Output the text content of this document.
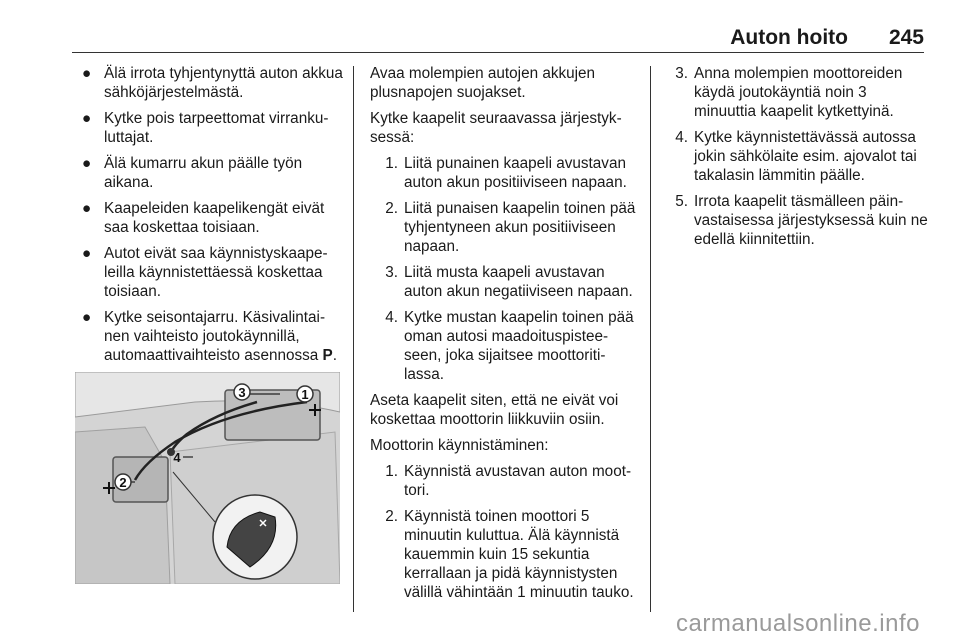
Auton hoito 245
● Älä irrota tyhjentynyttä auton akkua sähköjärjestelmästä.
● Kytke pois tarpeettomat virranku-luttajat.
● Älä kumarru akun päälle työn aikana.
● Kaapeleiden kaapelikengät eivät saa koskettaa toisiaan.
● Autot eivät saa käynnistyskaape-leilla käynnistettäessä koskettaa toisiaan.
● Kytke seisontajarru. Käsivalintai-nen vaihteisto joutokäynnillä, automaattivaihteisto asennossa P.
3	1
2
4

Avaa molempien autojen akkujen plusnapojen suojakset.

Kytke kaapelit seuraavassa järjestyk-sessä:

1. Liitä punainen kaapeli avustavan auton akun positiiviseen napaan.
2. Liitä punaisen kaapelin toinen pää tyhjentyneen akun positiiviseen napaan.
3. Liitä musta kaapeli avustavan auton akun negatiiviseen napaan.
4. Kytke mustan kaapelin toinen pää oman autosi maadoituspistee-seen, joka sijaitsee moottoriti-lassa.

Aseta kaapelit siten, että ne eivät voi koskettaa moottorin liikkuviin osiin.

Moottorin käynnistäminen:

1. Käynnistä avustavan auton moot-tori.
2. Käynnistä toinen moottori 5 minuutin kuluttua. Älä käynnistä kauemmin kuin 15 sekuntia kerrallaan ja pidä käynnistysten välillä vähintään 1 minuutin tauko.
3. Anna molempien moottoreiden käydä joutokäyntiä noin 3 minuuttia kaapelit kytkettyinä.
4. Kytke käynnistettävässä autossa jokin sähkölaite esim. ajovalot tai takalasin lämmitin päälle.
5. Irrota kaapelit täsmälleen päin-vastaisessa järjestyksessä kuin ne edellä kiinnitettiin.
carmanualsonline.info
